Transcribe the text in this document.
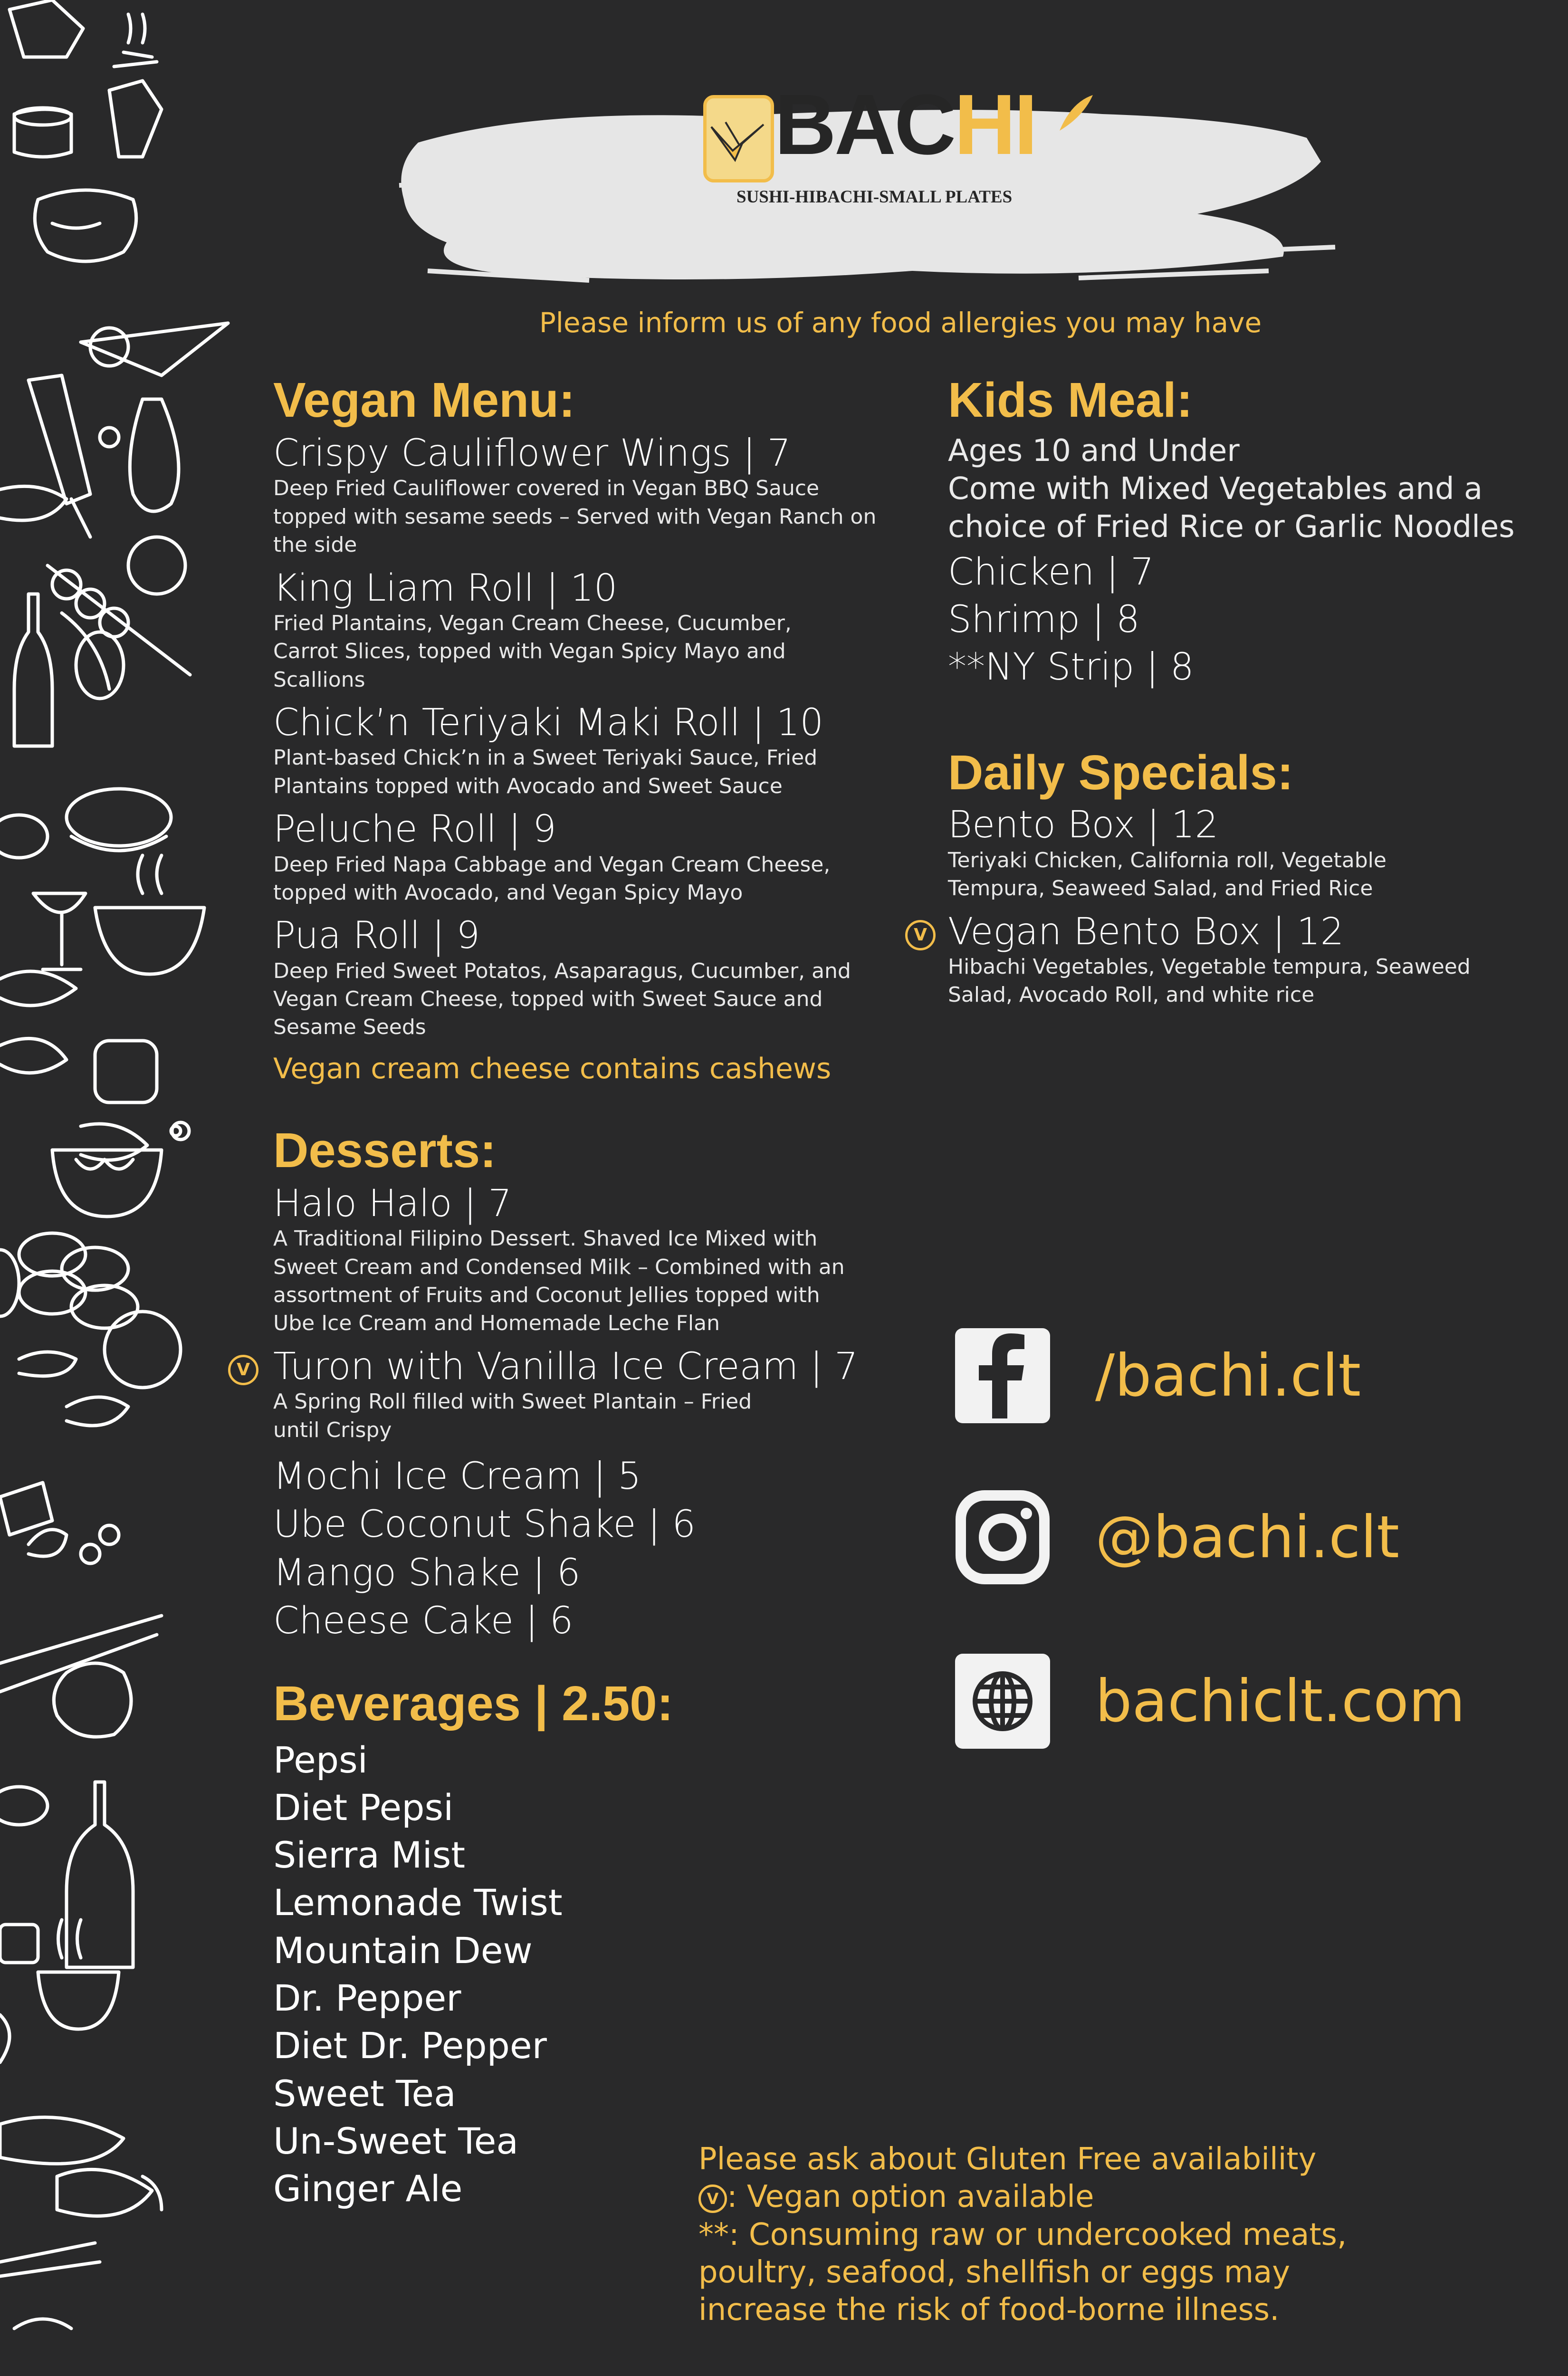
BACHI
SUSHI-HIBACHI-SMALL PLATES
Please inform us of any food allergies you may have
Vegan Menu:
Crispy Cauliflower Wings | 7
Deep Fried Cauliflower covered in Vegan BBQ Sauce topped with sesame seeds – Served with Vegan Ranch on the side
King Liam Roll | 10
Fried Plantains, Vegan Cream Cheese, Cucumber, Carrot Slices, topped with Vegan Spicy Mayo and Scallions
Chick’n Teriyaki Maki Roll | 10
Plant-based Chick’n in a Sweet Teriyaki Sauce, Fried Plantains topped with Avocado and Sweet Sauce
Peluche Roll | 9
Deep Fried Napa Cabbage and Vegan Cream Cheese, topped with Avocado, and Vegan Spicy Mayo
Pua Roll | 9
Deep Fried Sweet Potatos, Asaparagus, Cucumber, and Vegan Cream Cheese, topped with Sweet Sauce and Sesame Seeds
Vegan cream cheese contains cashews
Desserts:
Halo Halo | 7
A Traditional Filipino Dessert. Shaved Ice Mixed with Sweet Cream and Condensed Milk – Combined with an assortment of Fruits and Coconut Jellies topped with Ube Ice Cream and Homemade Leche Flan
V Turon with Vanilla Ice Cream | 7
A Spring Roll filled with Sweet Plantain – Fried until Crispy
Mochi Ice Cream | 5
Ube Coconut Shake | 6
Mango Shake | 6
Cheese Cake | 6
Beverages | 2.50:
Pepsi
Diet Pepsi
Sierra Mist
Lemonade Twist
Mountain Dew
Dr. Pepper
Diet Dr. Pepper
Sweet Tea
Un-Sweet Tea
Ginger Ale
Kids Meal:
Ages 10 and Under
Come with Mixed Vegetables and a choice of Fried Rice or Garlic Noodles
Chicken | 7
Shrimp | 8
**NY Strip | 8
Daily Specials:
Bento Box | 12
Teriyaki Chicken, California roll, Vegetable Tempura, Seaweed Salad, and Fried Rice
V Vegan Bento Box | 12
Hibachi Vegetables, Vegetable tempura, Seaweed Salad, Avocado Roll, and white rice
/bachi.clt
@bachi.clt
bachiclt.com
Please ask about Gluten Free availability
V : Vegan option available
**: Consuming raw or undercooked meats,
poultry, seafood, shellfish or eggs may
increase the risk of food-borne illness.
